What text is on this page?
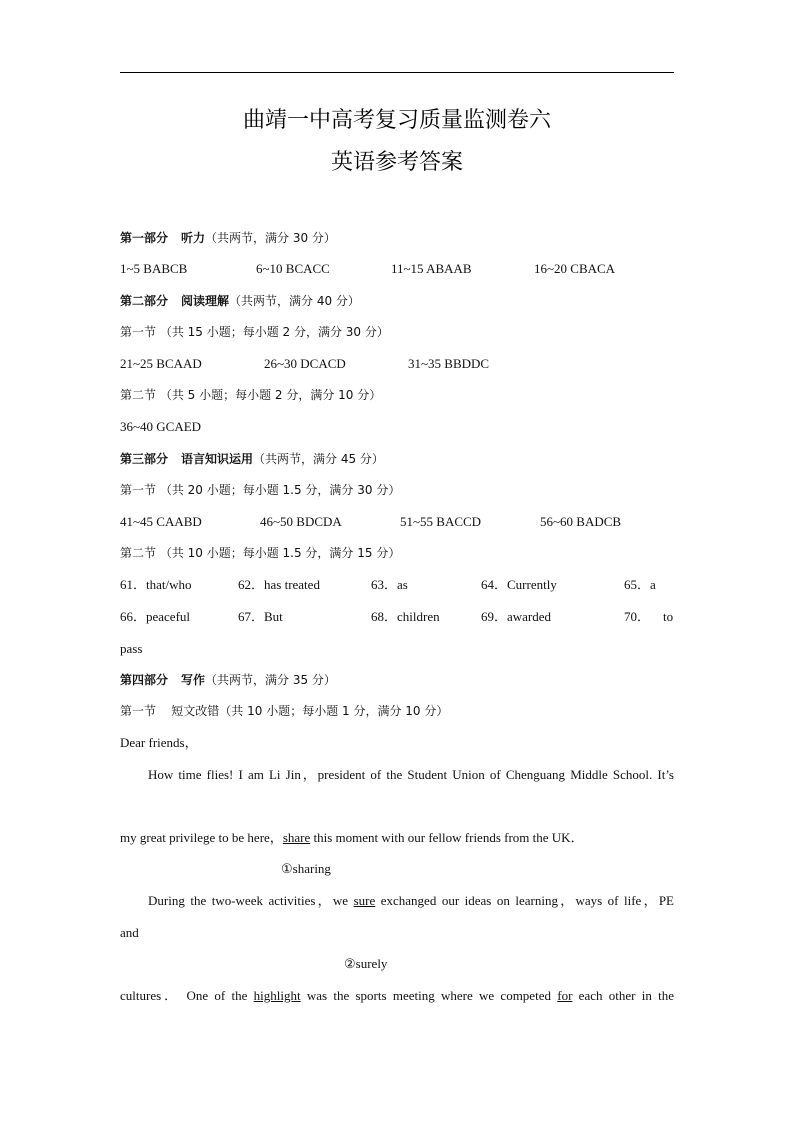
曲靖一中高考复习质量监测卷六
英语参考答案
第一部分 听力（共两节，满分 30 分）
1~5 BABCB	6~10 BCACC	11~15 ABAAB	16~20 CBACA
第二部分 阅读理解（共两节，满分 40 分）
第一节 （共 15 小题；每小题 2 分，满分 30 分）
21~25 BCAAD	26~30 DCACD	31~35 BBDDC
第二节 （共 5 小题；每小题 2 分，满分 10 分）
36~40 GCAED
第三部分 语言知识运用（共两节，满分 45 分）
第一节 （共 20 小题；每小题 1.5 分，满分 30 分）
41~45 CAABD	46~50 BDCDA	51~55 BACCD	56~60 BADCB
第二节 （共 10 小题；每小题 1.5 分，满分 15 分）
61．that/who	62．has treated	63．as	64．Currently	65．a
66．peaceful	67．But	68．children	69．awarded	70． to
pass
第四部分 写作（共两节，满分 35 分）
第一节 短文改错（共 10 小题；每小题 1 分，满分 10 分）
Dear friends，
How time flies! I am Li Jin，president of the Student Union of Chenguang Middle School. It’s
my great privilege to be here，share this moment with our fellow friends from the UK．
①sharing
During the two-week activities，we sure exchanged our ideas on learning，ways of life，PE
and
②surely
cultures． One of the highlight was the sports meeting where we competed for each other in the
